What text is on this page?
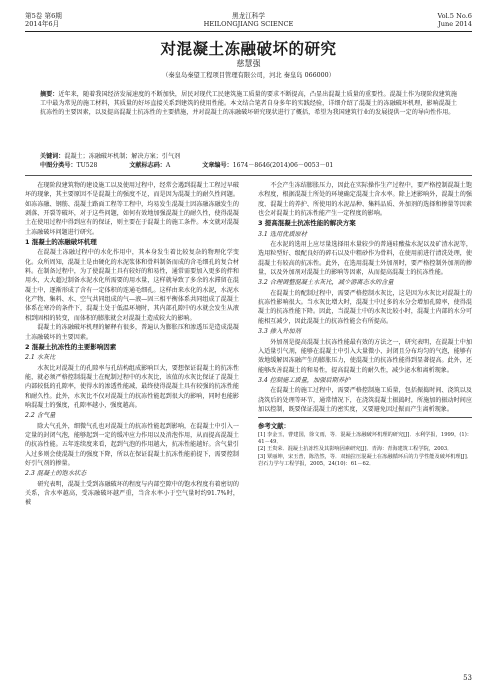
第5卷 第6期
2014年6月
黑龙江科学
HEILONGJIANG SCIENCE
Vol.5 No.6
June 2014
对混凝土冻融破坏的研究
慈慧强
（秦皇岛秦望工程项目管理有限公司，河北 秦皇岛 066000）
摘要：近年来，随着我国经济发展速度的不断加快，居民对现代工民建筑施工质量的要求不断提高，凸显出混凝土质量的重要性。混凝土作为现阶段建筑施工中最为常见的施工材料，其质量的好坏直接关系到建筑的使用性能。本文结合笔者自身多年的实践经验，详细介绍了混凝土的冻融破坏机理，影响混凝土抗冻性的主要因素，以及提高混凝土抗冻性的主要措施，并对混凝土的冻融破坏研究现状进行了概括，希望为我国建筑行业的发展提供一定的导向性作用。
关键词：混凝土；冻融破坏机制；解决方案；引气剂
中图分类号：TU528	文献标志码：A	文章编号：1674－8646(2014)06－0053－01

在现阶段建筑物的建设施工以及使用过程中，经常会遇到混凝土工程过早破坏的现象，其主要原因不是混凝土的强度不足，而是因为混凝土的耐久性问题。如冻冻融、钢筋、混凝土路面工程等工程中，均易发生混凝土因冻融冻融发生的剥落、开裂等破坏，对于这些问题，如何有效地加强混凝土的耐久性，使得混凝土在使用过程中得到应有的保证，则主要在于混凝土的施工条件。本文就对混凝土冻融破坏问题进行研究。

1 混凝土的冻融破坏机理

在混凝土冻融过程中的水化作用中，其本身发生着比较复杂的物理化学变化。众所周知，混凝土是由硬化的水泥浆体和骨料制备而成的含毛细孔的复合材料。在制备过程中，为了使混凝土具有较好的和易性，通常需要加入更多的拌和用水，大大超过制备水泥水化所需要的用水量，这样就导致了多余的水滞留在混凝土中，逐渐形成了含有一定体积的连通毛细孔。这样由来水化的水泥，水泥水化产物、集料、水、空气共同组成的气—液—固三相平衡体系共同组成了混凝土体系在寒冷的条件下，混凝土处于低温环境时，其内部孔隙中的水就会发生从液相到固相的转变，而体积的膨胀就会对混凝土造成较大的影响。

混凝土的冻融破坏机理的解释有很多，普遍认为膨胀压和渗透压是造成混凝土冻融破坏的主要因素。

2 混凝土抗冻性的主要影响因素
2.1 水灰比

水灰比对混凝土的孔隙率与孔结构组成影响巨大，要想保证混凝土的抗冻性能，就必须严格控制混凝土在配制过程中的水灰比，该值的水灰比保证了混凝土内部较低的孔隙率，使得水的渗透性能减，最终使得混凝土具有较强的抗冻性能和耐久性。此外，水灰比不仅对混凝土的抗冻性能起到很大的影响，同时也能影响混凝土的强度，孔隙率越小，强度越高。

2.2 含气量

除大气孔外，细微气孔也对混凝土的抗冻性能起到影响，在混凝土中引入一定量的封闭气泡，能够起到一定的缓冲应力作用以及消泡作用，从而提高混凝土的抗冻性能。五年连续度来看，起到气泡的作用越大，抗冻性能越好。含气量引入过多则会使混凝土的强度下降，所以在保证混凝土抗冻性能前提下，需要控制好引气剂的掺量。

2.3 混凝土的饱水状态

研究表明，混凝土受到冻融破坏的程度与内部空隙中的饱水程度有着密切的关系，含水率越高，受冻融破坏越严重，当含水率小于空气量时约91.7%时，被

不会产生冻结膨胀压力，因此在实际操作生产过程中，要严格控制混凝土饱水程度，根据混凝土所处的环境确定混凝土含水率。除上述影响外，混凝土的强度、混凝土的养护、所使用的水泥品种、集料品质、外加剂的选择和掺量等因素也会对混凝土的抗冻性能产生一定程度的影响。

3 提高混凝土抗冻性能的解决方案
3.1 选用优质原材

在水泥的选用上应尽量选择用水量较少的普通硅酸盐水泥以及矿渣水泥等，选用粒型好、级配良好的碎石以及中粗砂作为骨料，在使用前进行清洗处理，使混凝土有较高的抗冻性。此外，在选用混凝土外加剂时，要严格控制外加剂的掺量，以及外加剂对混凝土的影响等因素，从而提高混凝土的抗冻性能。

3.2 合理调整混凝土水灰比，减少游离态水的含量

在混凝土的配制过程中，需要严格控制水灰比，这是因为水灰比对混凝土的抗冻性影响很大。当水灰比增大时，混凝土中过多的水分会增加孔隙率，使得混凝土的抗冻性能下降。因此，当混凝土中的水灰比较小时，混凝土内部的水分可能相互减少，因此混凝土的抗冻性能会有所提高。

3.3 掺入外加剂

外加剂是提高混凝土抗冻性能最有效的方法之一，研究表明，在混凝土中加入适量引气剂，能够在混凝土中引入大量微小、封闭且分布均匀的气泡，能够有效地缓解因冻融产生的膨胀压力，使混凝土的抗冻性能得到显著提高。此外，还能够改善混凝土的和易性，提高混凝土的耐久性，减少泌水和离析现象。

3.4 控制施工质量，加强后期养护

在混凝土的施工过程中，需要严格控制施工质量，包括振捣时间、浇筑以及浇筑后的处理等环节，通常情况下，在浇筑混凝土振捣时，所施加的振动时间应加以控制，既要保证混凝土的密实度，又要避免因过振而产生离析现象。

参考文献：
[1] 李金玉，曹建国，徐文雨，等．混凝土冻融破坏机理的研究[J]．水利学报，1999，(1)：41－49．
[2] 王贵荣．混凝土抗冻性及其影响因素研究[J]．青海：青海建筑工程学院，2003．
[3] 覃丽坤，宋玉普，陈浩然，等．双轴拉压混凝土在冻融循环后的力学性能及破坏机理[J]．岩石力学与工程学报，2005，24(10)：61－62．
53
